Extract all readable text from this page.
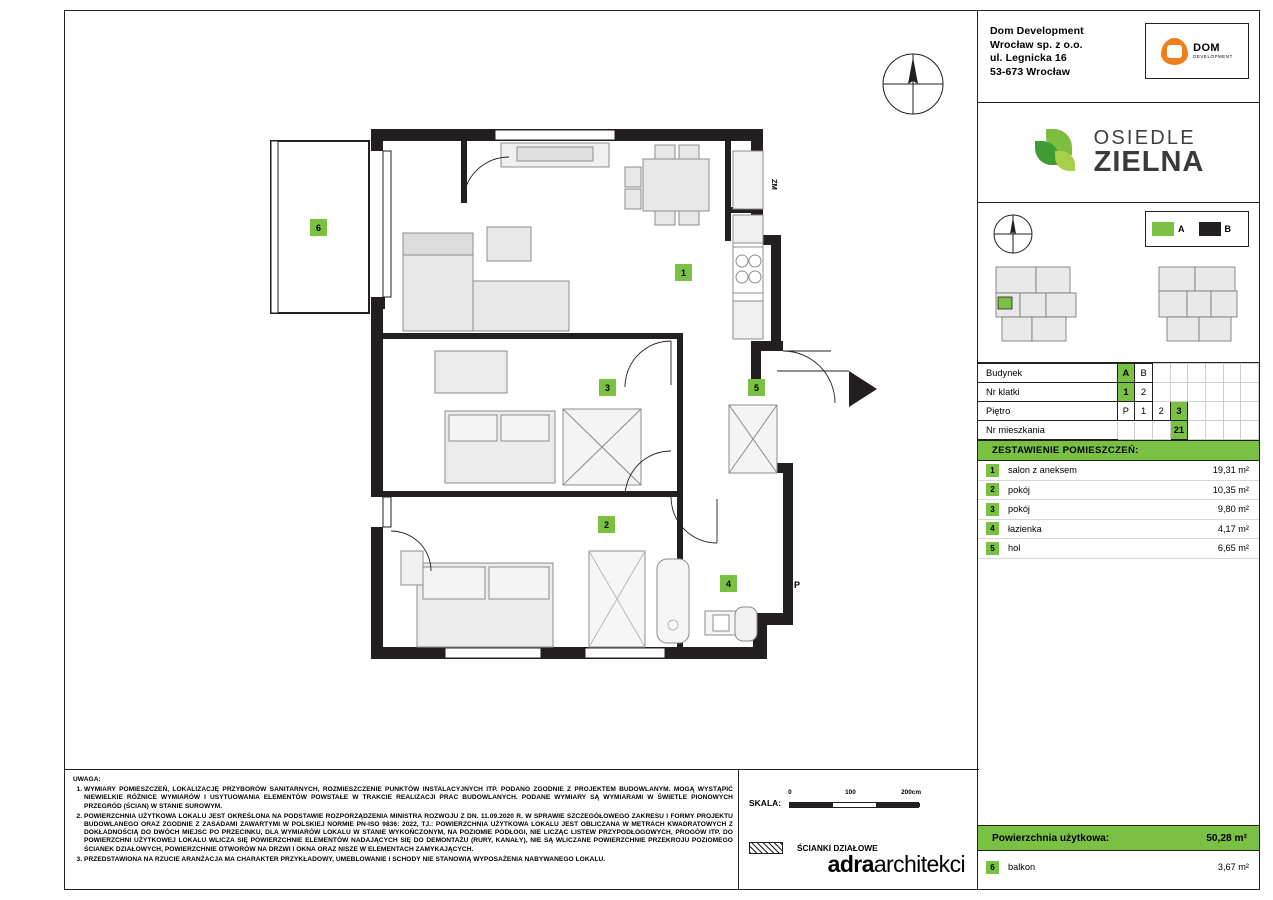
1
2
3
4
5
6
P
ZM
Dom Development
Wrocław sp. z o.o.
ul. Legnicka 16
53-673 Wrocław
DOM
DEVELOPMENT
OSIEDLE
ZIELNA
A	B
Budynek	A	B						
Nr klatki	1	2						
Piętro	P	1	2	3				
Nr mieszkania				21				
ZESTAWIENIE POMIESZCZEŃ:
1	salon z aneksem	19,31 m²
2	pokój	10,35 m²
3	pokój	9,80 m²
4	łazienka	4,17 m²
5	hol	6,65 m²
Powierzchnia użytkowa:	50,28 m²
6	balkon	3,67 m²
UWAGA:
1. WYMIARY POMIESZCZEŃ, LOKALIZACJĘ PRZYBORÓW SANITARNYCH, ROZMIESZCZENIE PUNKTÓW INSTALACYJNYCH ITP. PODANO ZGODNIE Z PROJEKTEM BUDOWLANYM. MOGĄ WYSTĄPIĆ NIEWIELKIE RÓŻNICE WYMIARÓW I USYTUOWANIA ELEMENTÓW POWSTAŁE W TRAKCIE REALIZACJI PRAC BUDOWLANYCH. PODANE WYMIARY SĄ WYMIARAMI W ŚWIETLE PIONOWYCH PRZEGRÓD (ŚCIAN) W STANIE SUROWYM.
2. POWIERZCHNIA UŻYTKOWA LOKALU JEST OKREŚLONA NA PODSTAWIE ROZPORZĄDZENIA MINISTRA ROZWOJU Z DN. 11.09.2020 R. W SPRAWIE SZCZEGÓŁOWEGO ZAKRESU I FORMY PROJEKTU BUDOWLANEGO ORAZ ZGODNIE Z ZASADAMI ZAWARTYMI W POLSKIEJ NORMIE PN-ISO 9836: 2022, TJ.: POWIERZCHNIA UŻYTKOWA LOKALU JEST OBLICZANA W METRACH KWADRATOWYCH Z DOKŁADNOŚCIĄ DO DWÓCH MIEJSC PO PRZECINKU, DLA WYMIARÓW LOKALU W STANIE WYKOŃCZONYM, NA POZIOMIE PODŁOGI, NIE LICZĄC LISTEW PRZYPODŁOGOWYCH, PROGÓW ITP. DO POWIERZCHNI UŻYTKOWEJ LOKALU WLICZA SIĘ POWIERZCHNIE ELEMENTÓW NADAJĄCYCH SIĘ DO DEMONTAŻU (RURY, KANAŁY), NIE SĄ WLICZANE POWIERZCHNIE PRZEKROJU POZIOMEGO ŚCIANEK DZIAŁOWYCH, POWIERZCHNIE OTWORÓW NA DRZWI I OKNA ORAZ NISZE W ELEMENTACH ZAMYKAJĄCYCH.
3. PRZEDSTAWIONA NA RZUCIE ARANŻACJA MA CHARAKTER PRZYKŁADOWY, UMEBLOWANIE I SCHODY NIE STANOWIĄ WYPOSAŻENIA NABYWANEGO LOKALU.
SKALA:
0	100	200cm
ŚCIANKI DZIAŁOWE
adraarchitekci
